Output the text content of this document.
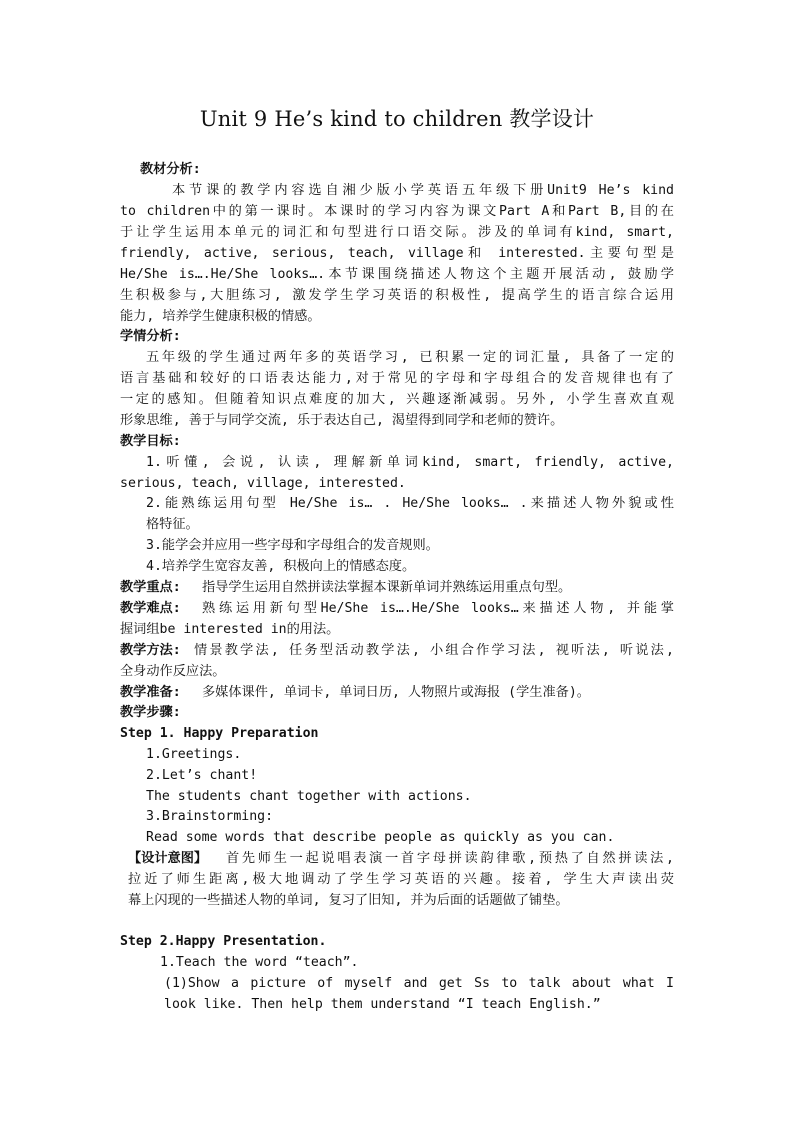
Unit 9 He’s kind to children 教学设计
教材分析:
本节课的教学内容选自湘少版小学英语五年级下册Unit9 He’s kind
to children中的第一课时。本课时的学习内容为课文Part A和Part B,目的在
于让学生运用本单元的词汇和句型进行口语交际。涉及的单词有kind, smart,
friendly, active, serious, teach, village和 interested.主要句型是
He/She is….He/She looks….本节课围绕描述人物这个主题开展活动, 鼓励学
生积极参与,大胆练习, 激发学生学习英语的积极性, 提高学生的语言综合运用
能力, 培养学生健康积极的情感。
学情分析:
五年级的学生通过两年多的英语学习, 已积累一定的词汇量, 具备了一定的
语言基础和较好的口语表达能力,对于常见的字母和字母组合的发音规律也有了
一定的感知。但随着知识点难度的加大, 兴趣逐渐减弱。另外, 小学生喜欢直观
形象思维, 善于与同学交流, 乐于表达自己, 渴望得到同学和老师的赞许。
教学目标:
1.听懂, 会说, 认读, 理解新单词kind, smart, friendly, active,
serious, teach, village, interested.
2.能熟练运用句型 He/She is… . He/She looks… .来描述人物外貌或性
格特征。
3.能学会并应用一些字母和字母组合的发音规则。
4.培养学生宽容友善, 积极向上的情感态度。
教学重点: 指导学生运用自然拼读法掌握本课新单词并熟练运用重点句型。
教学难点: 熟练运用新句型He/She is….He/She looks…来描述人物, 并能掌
握词组be interested in的用法。
教学方法: 情景教学法, 任务型活动教学法, 小组合作学习法, 视听法, 听说法,
全身动作反应法。
教学准备: 多媒体课件, 单词卡, 单词日历, 人物照片或海报 (学生准备)。
教学步骤:
Step 1. Happy Preparation
1.Greetings.
2.Let’s chant!
The students chant together with actions.
3.Brainstorming:
Read some words that describe people as quickly as you can.
【设计意图】 首先师生一起说唱表演一首字母拼读韵律歌,预热了自然拼读法,
拉近了师生距离,极大地调动了学生学习英语的兴趣。接着, 学生大声读出荧
幕上闪现的一些描述人物的单词, 复习了旧知, 并为后面的话题做了铺垫。
Step 2.Happy Presentation.
1.Teach the word “teach”.
(1)Show a picture of myself and get Ss to talk about what I
look like. Then help them understand “I teach English.”
